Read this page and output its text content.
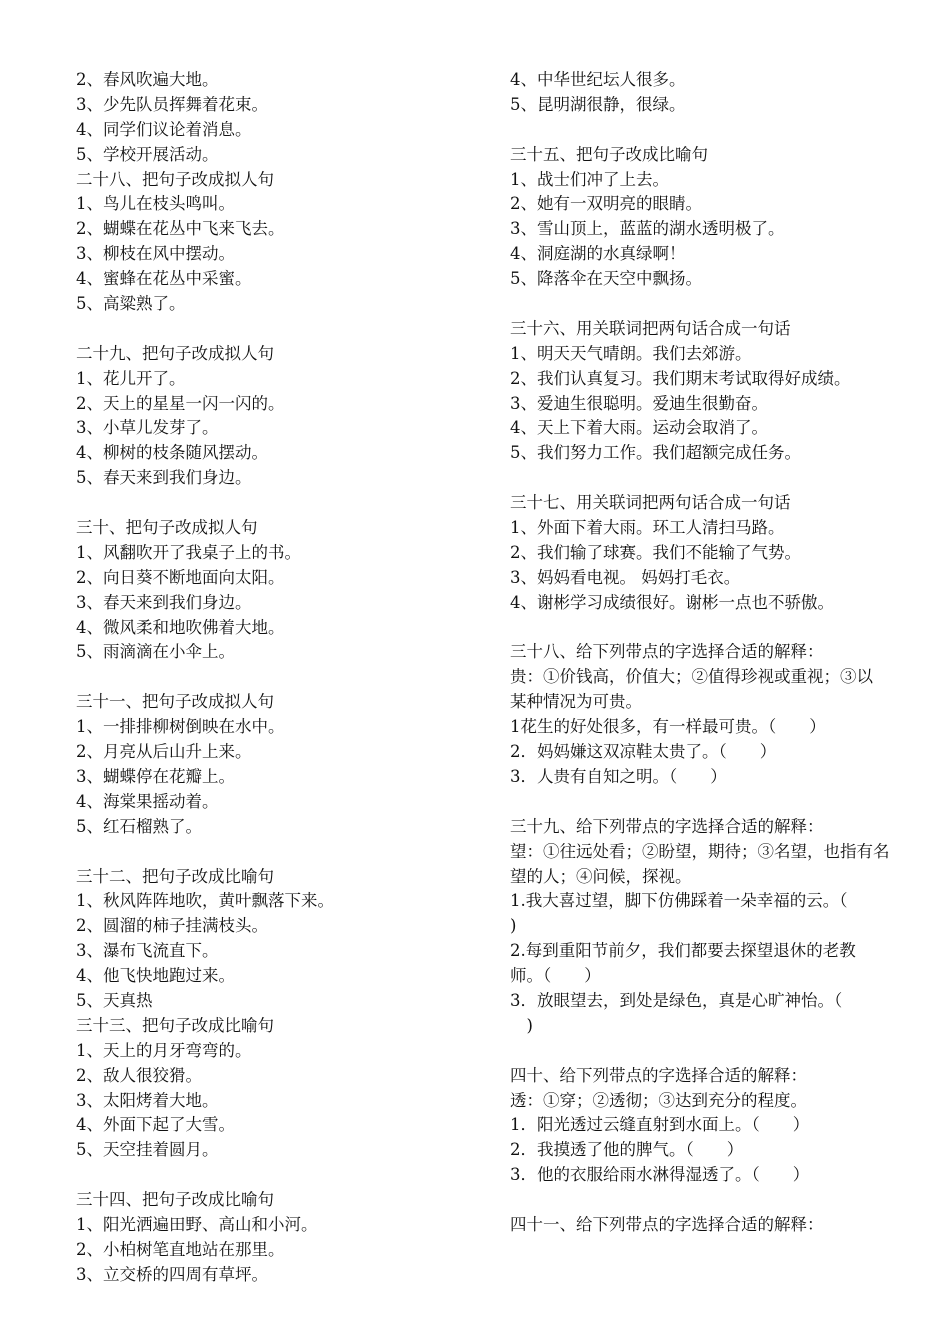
2、春风吹遍大地。
3、少先队员挥舞着花束。
4、同学们议论着消息。
5、学校开展活动。
二十八、把句子改成拟人句
1、鸟儿在枝头鸣叫。
2、蝴蝶在花丛中飞来飞去。
3、柳枝在风中摆动。
4、蜜蜂在花丛中采蜜。
5、高粱熟了。
二十九、把句子改成拟人句
1、花儿开了。
2、天上的星星一闪一闪的。
3、小草儿发芽了。
4、柳树的枝条随风摆动。
5、春天来到我们身边。
三十、把句子改成拟人句
1、风翻吹开了我桌子上的书。
2、向日葵不断地面向太阳。
3、春天来到我们身边。
4、微风柔和地吹佛着大地。
5、雨滴滴在小伞上。
三十一、把句子改成拟人句
1、一排排柳树倒映在水中。
2、月亮从后山升上来。
3、蝴蝶停在花瓣上。
4、海棠果摇动着。
5、红石榴熟了。
三十二、把句子改成比喻句
1、秋风阵阵地吹，黄叶飘落下来。
2、圆溜的柿子挂满枝头。
3、瀑布飞流直下。
4、他飞快地跑过来。
5、天真热
三十三、把句子改成比喻句
1、天上的月牙弯弯的。
2、敌人很狡猾。
3、太阳烤着大地。
4、外面下起了大雪。
5、天空挂着圆月。
三十四、把句子改成比喻句
1、阳光洒遍田野、高山和小河。
2、小柏树笔直地站在那里。
3、立交桥的四周有草坪。
4、中华世纪坛人很多。
5、昆明湖很静，很绿。
三十五、把句子改成比喻句
1、战士们冲了上去。
2、她有一双明亮的眼睛。
3、雪山顶上，蓝蓝的湖水透明极了。
4、洞庭湖的水真绿啊！
5、降落伞在天空中飘扬。
三十六、用关联词把两句话合成一句话
1、明天天气晴朗。我们去郊游。
2、我们认真复习。我们期末考试取得好成绩。
3、爱迪生很聪明。爱迪生很勤奋。
4、天上下着大雨。运动会取消了。
5、我们努力工作。我们超额完成任务。
三十七、用关联词把两句话合成一句话
1、外面下着大雨。环工人清扫马路。
2、我们输了球赛。我们不能输了气势。
3、妈妈看电视。 妈妈打毛衣。
4、谢彬学习成绩很好。谢彬一点也不骄傲。
三十八、给下列带点的字选择合适的解释：
贵：①价钱高，价值大；②值得珍视或重视；③以
某种情况为可贵。
1花生的好处很多，有一样最可贵。（　　）
2．妈妈嫌这双凉鞋太贵了。（　　）
3．人贵有自知之明。（　　）
三十九、给下列带点的字选择合适的解释：
望：①往远处看；②盼望，期待；③名望，也指有名
望的人；④问候，探视。
1.我大喜过望，脚下仿佛踩着一朵幸福的云。（
)
2.每到重阳节前夕，我们都要去探望退休的老教
师。（　　）
3．放眼望去，到处是绿色，真是心旷神怡。（
　)
四十、给下列带点的字选择合适的解释：
透：①穿；②透彻；③达到充分的程度。
1．阳光透过云缝直射到水面上。（　　）
2．我摸透了他的脾气。（　　）
3．他的衣服给雨水淋得湿透了。（　　）
四十一、给下列带点的字选择合适的解释：
